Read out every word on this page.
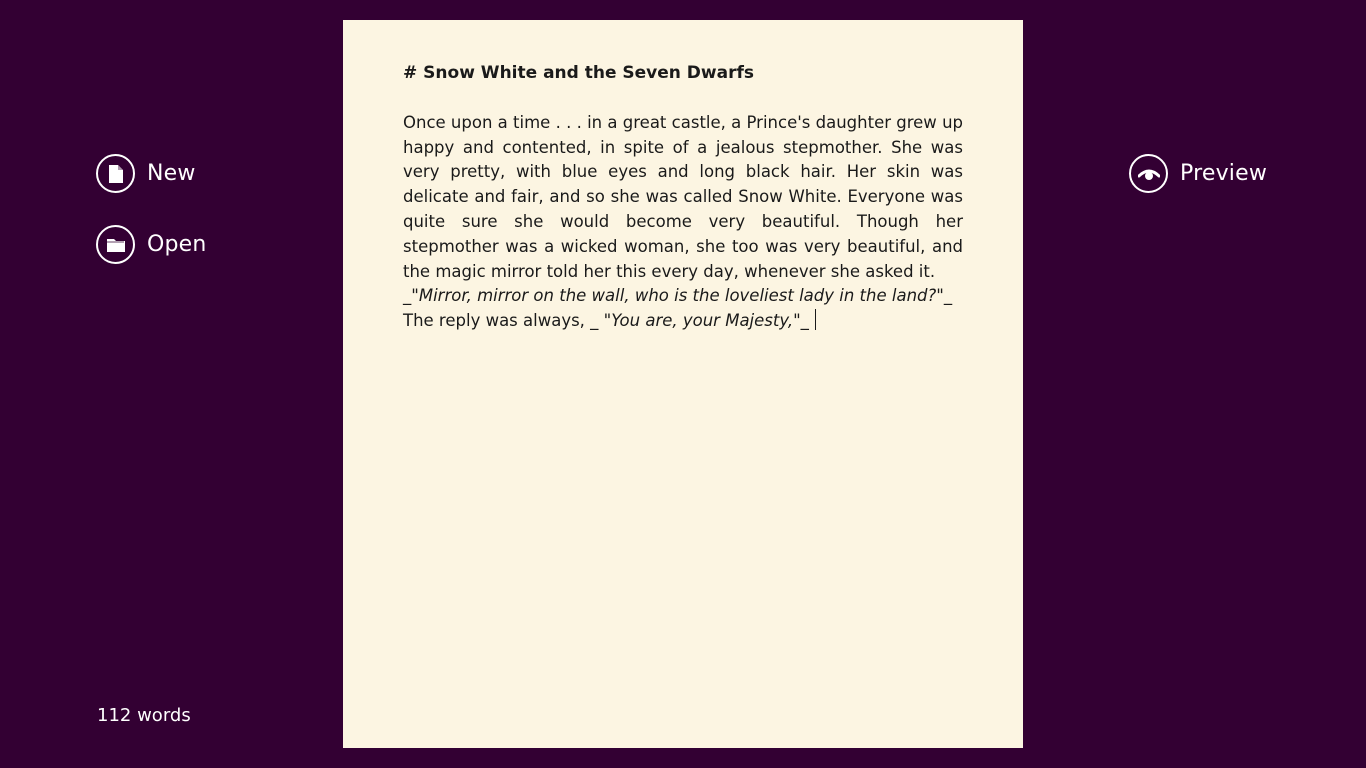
New
Open
Preview
112 words

# Snow White and the Seven Dwarfs

Once upon a time . . . in a great castle, a Prince's daughter grew up happy and contented, in spite of a jealous stepmother. She was very pretty, with blue eyes and long black hair. Her skin was delicate and fair, and so she was called Snow White. Everyone was quite sure she would become very beautiful. Though her stepmother was a wicked woman, she too was very beautiful, and the magic mirror told her this every day, whenever she asked it.

_"Mirror, mirror on the wall, who is the loveliest lady in the land?"_

The reply was always, _ "You are, your Majesty,"_
